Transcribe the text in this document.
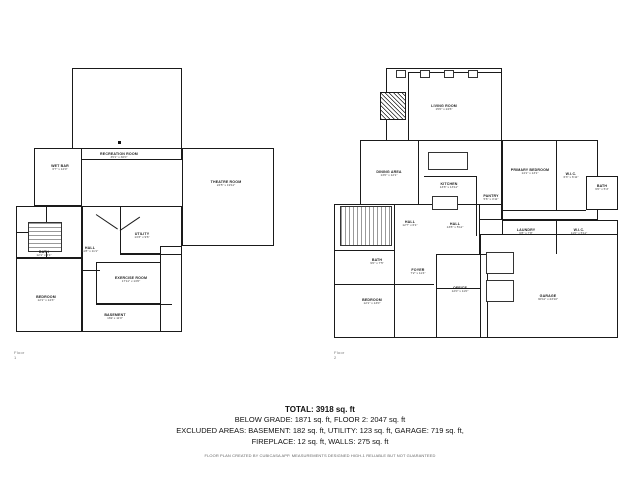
RECREATION ROOM
35'1" x 30'0"
THEATRE ROOM
24'5" x 19'11"
WET BAR
6'7" x 12'0"
BATH
12'1" x 6'1"
HALL
11'8" x 11'1"
UTILITY
13'3" x 9'6"
EXERCISE ROOM
17'11" x 13'0"
BEDROOM
12'1" x 14'3"
BASEMENT
169' x 11'0"
Floor 1
LIVING ROOM
15'0" x 24'6"
DINING AREA
13'0" x 12'1"
KITCHEN
13'8" x 13'11"
PRIMARY BEDROOM
14'1" x 13'1"	W.I.C.
6'3" x 6'11"
BATH
6'0" x 5'4"
PANTRY
5'6" x 4'11"
HALL
12'7" x 6'1"	HALL
13'8" x 5'11"
LAUNDRY
6'8" x 7'8"
W.I.C.
11'0" x 5'11"
BATH
9'0" x 7'5"
FOYER
7'2" x 11'4"
OFFICE
12'0" x 11'0"
BEDROOM
12'1" x 13'0"
GARAGE
30'11" x 23'10"
Floor 2
TOTAL: 3918 sq. ft
BELOW GRADE: 1871 sq. ft, FLOOR 2: 2047 sq. ft
EXCLUDED AREAS: BASEMENT: 182 sq. ft, UTILITY: 123 sq. ft, GARAGE: 719 sq. ft,
FIREPLACE: 12 sq. ft, WALLS: 275 sq. ft
FLOOR PLAN CREATED BY CUBICASA APP. MEASUREMENTS DESIGNED HIGH-1 RELIABLE BUT NOT GUARANTEED
